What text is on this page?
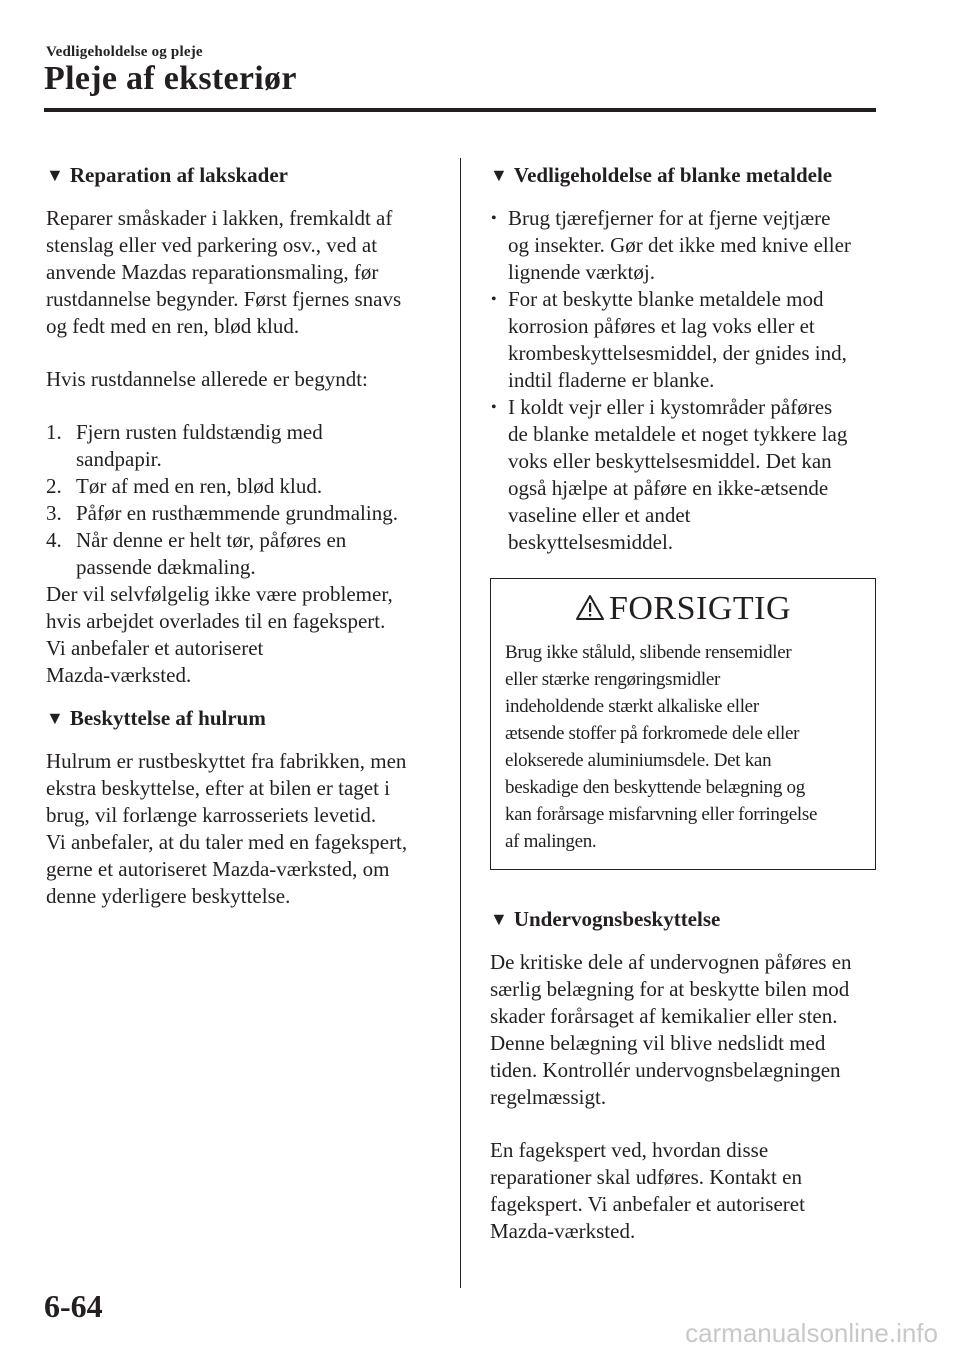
Vedligeholdelse og pleje
Pleje af eksteriør
▼ Reparation af lakskader

Reparer småskader i lakken, fremkaldt af
stenslag eller ved parkering osv., ved at
anvende Mazdas reparationsmaling, før
rustdannelse begynder. Først fjernes snavs
og fedt med en ren, blød klud.

Hvis rustdannelse allerede er begyndt:

1. Fjern rusten fuldstændig med
sandpapir.
2. Tør af med en ren, blød klud.
3. Påfør en rusthæmmende grundmaling.
4. Når denne er helt tør, påføres en
passende dækmaling.

Der vil selvfølgelig ikke være problemer,
hvis arbejdet overlades til en fagekspert.
Vi anbefaler et autoriseret
Mazda-værksted.

▼ Beskyttelse af hulrum

Hulrum er rustbeskyttet fra fabrikken, men
ekstra beskyttelse, efter at bilen er taget i
brug, vil forlænge karrosseriets levetid.
Vi anbefaler, at du taler med en fagekspert,
gerne et autoriseret Mazda-værksted, om
denne yderligere beskyttelse.

▼ Vedligeholdelse af blanke metaldele
• Brug tjærefjerner for at fjerne vejtjære
og insekter. Gør det ikke med knive eller
lignende værktøj.
• For at beskytte blanke metaldele mod
korrosion påføres et lag voks eller et
krombeskyttelsesmiddel, der gnides ind,
indtil fladerne er blanke.
• I koldt vejr eller i kystområder påføres
de blanke metaldele et noget tykkere lag
voks eller beskyttelsesmiddel. Det kan
også hjælpe at påføre en ikke-ætsende
vaseline eller et andet
beskyttelsesmiddel.
FORSIGTIG

Brug ikke ståluld, slibende rensemidler
eller stærke rengøringsmidler
indeholdende stærkt alkaliske eller
ætsende stoffer på forkromede dele eller
elokserede aluminiumsdele. Det kan
beskadige den beskyttende belægning og
kan forårsage misfarvning eller forringelse
af malingen.

▼ Undervognsbeskyttelse

De kritiske dele af undervognen påføres en
særlig belægning for at beskytte bilen mod
skader forårsaget af kemikalier eller sten.
Denne belægning vil blive nedslidt med
tiden. Kontrollér undervognsbelægningen
regelmæssigt.

En fagekspert ved, hvordan disse
reparationer skal udføres. Kontakt en
fagekspert. Vi anbefaler et autoriseret
Mazda-værksted.

6-64
carmanualsonline.info
